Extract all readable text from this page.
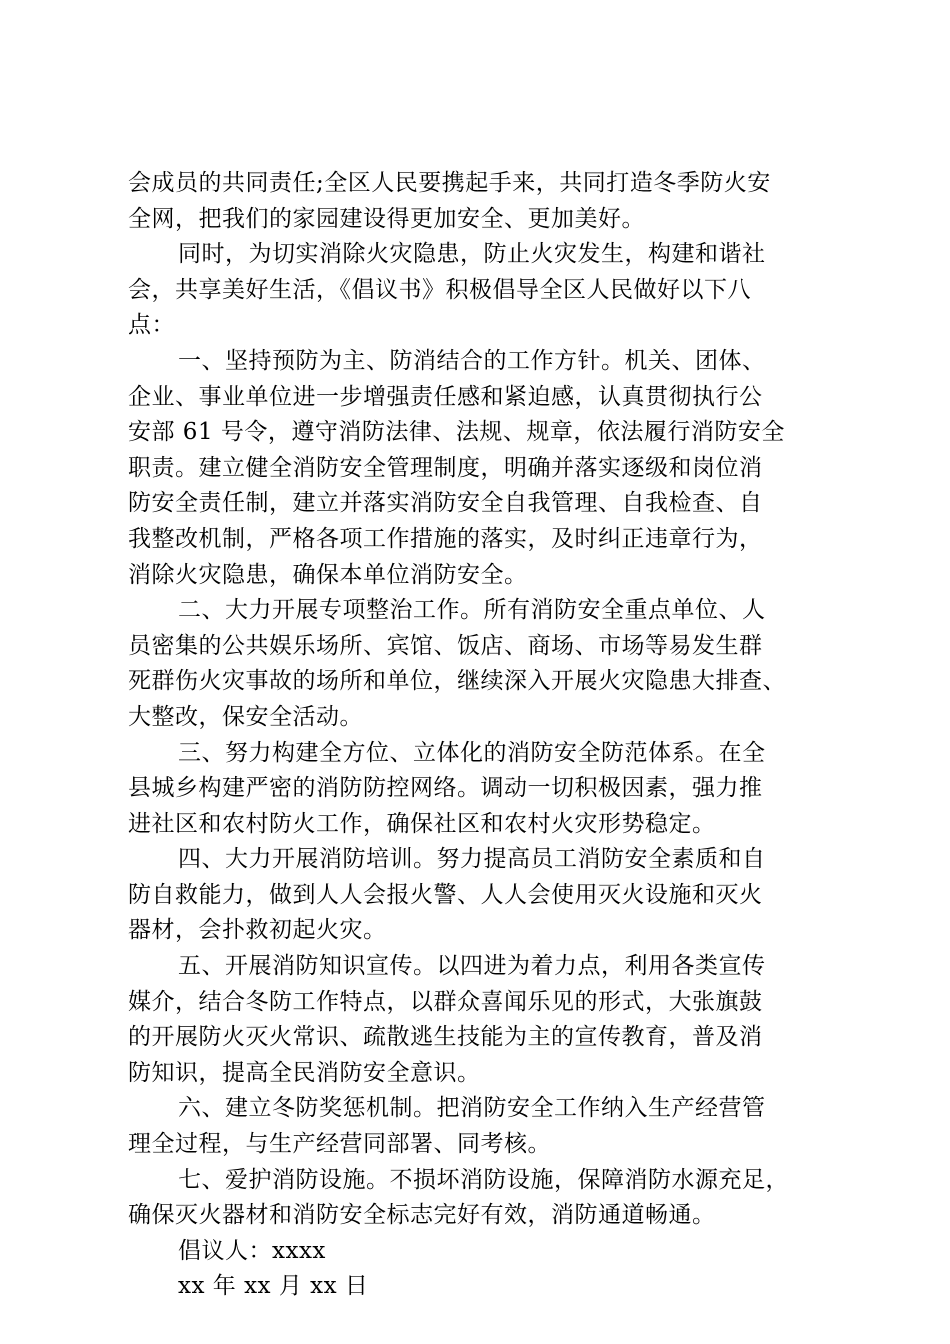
会成员的共同责任;全区人民要携起手来，共同打造冬季防火安
全网，把我们的家园建设得更加安全、更加美好。
同时，为切实消除火灾隐患，防止火灾发生，构建和谐社
会，共享美好生活，《倡议书》积极倡导全区人民做好以下八
点：
一、坚持预防为主、防消结合的工作方针。机关、团体、
企业、事业单位进一步增强责任感和紧迫感，认真贯彻执行公
安部 61 号令，遵守消防法律、法规、规章，依法履行消防安全
职责。建立健全消防安全管理制度，明确并落实逐级和岗位消
防安全责任制，建立并落实消防安全自我管理、自我检查、自
我整改机制，严格各项工作措施的落实，及时纠正违章行为，
消除火灾隐患，确保本单位消防安全。
二、大力开展专项整治工作。所有消防安全重点单位、人
员密集的公共娱乐场所、宾馆、饭店、商场、市场等易发生群
死群伤火灾事故的场所和单位，继续深入开展火灾隐患大排查、
大整改，保安全活动。
三、努力构建全方位、立体化的消防安全防范体系。在全
县城乡构建严密的消防防控网络。调动一切积极因素，强力推
进社区和农村防火工作，确保社区和农村火灾形势稳定。
四、大力开展消防培训。努力提高员工消防安全素质和自
防自救能力，做到人人会报火警、人人会使用灭火设施和灭火
器材，会扑救初起火灾。
五、开展消防知识宣传。以四进为着力点，利用各类宣传
媒介，结合冬防工作特点，以群众喜闻乐见的形式，大张旗鼓
的开展防火灭火常识、疏散逃生技能为主的宣传教育，普及消
防知识，提高全民消防安全意识。
六、建立冬防奖惩机制。把消防安全工作纳入生产经营管
理全过程，与生产经营同部署、同考核。
七、爱护消防设施。不损坏消防设施，保障消防水源充足，
确保灭火器材和消防安全标志完好有效，消防通道畅通。
倡议人：xxxx
xx 年 xx 月 xx 日
